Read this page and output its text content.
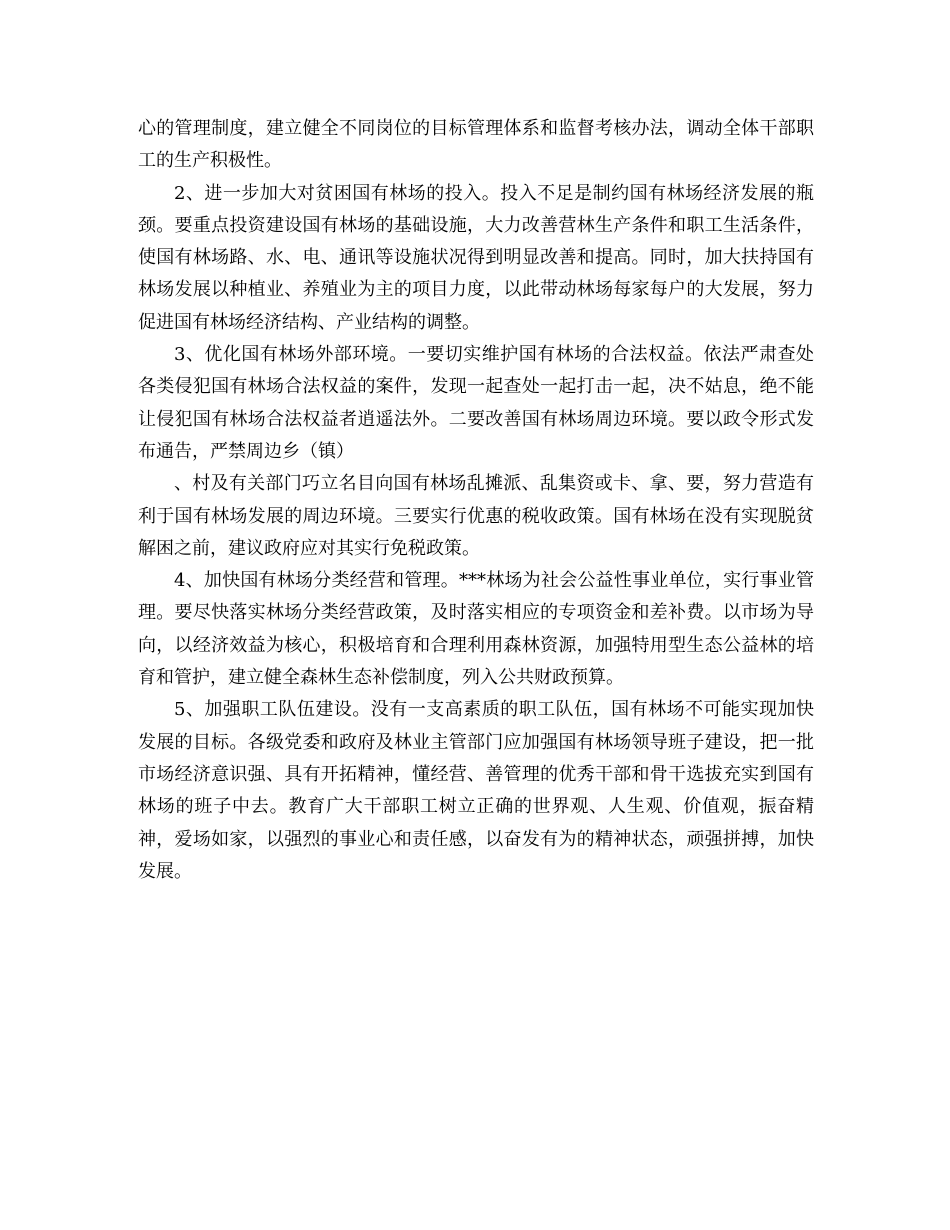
心的管理制度，建立健全不同岗位的目标管理体系和监督考核办法，调动全体干部职工的生产积极性。

2、进一步加大对贫困国有林场的投入。投入不足是制约国有林场经济发展的瓶颈。要重点投资建设国有林场的基础设施，大力改善营林生产条件和职工生活条件，使国有林场路、水、电、通讯等设施状况得到明显改善和提高。同时，加大扶持国有林场发展以种植业、养殖业为主的项目力度，以此带动林场每家每户的大发展，努力促进国有林场经济结构、产业结构的调整。

3、优化国有林场外部环境。一要切实维护国有林场的合法权益。依法严肃查处各类侵犯国有林场合法权益的案件，发现一起查处一起打击一起，决不姑息，绝不能让侵犯国有林场合法权益者逍遥法外。二要改善国有林场周边环境。要以政令形式发布通告，严禁周边乡（镇）

、村及有关部门巧立名目向国有林场乱摊派、乱集资或卡、拿、要，努力营造有利于国有林场发展的周边环境。三要实行优惠的税收政策。国有林场在没有实现脱贫解困之前，建议政府应对其实行免税政策。

4、加快国有林场分类经营和管理。***林场为社会公益性事业单位，实行事业管理。要尽快落实林场分类经营政策，及时落实相应的专项资金和差补费。以市场为导向，以经济效益为核心，积极培育和合理利用森林资源，加强特用型生态公益林的培育和管护，建立健全森林生态补偿制度，列入公共财政预算。

5、加强职工队伍建设。没有一支高素质的职工队伍，国有林场不可能实现加快发展的目标。各级党委和政府及林业主管部门应加强国有林场领导班子建设，把一批市场经济意识强、具有开拓精神，懂经营、善管理的优秀干部和骨干选拔充实到国有林场的班子中去。教育广大干部职工树立正确的世界观、人生观、价值观，振奋精神，爱场如家，以强烈的事业心和责任感，以奋发有为的精神状态，顽强拼搏，加快发展。
